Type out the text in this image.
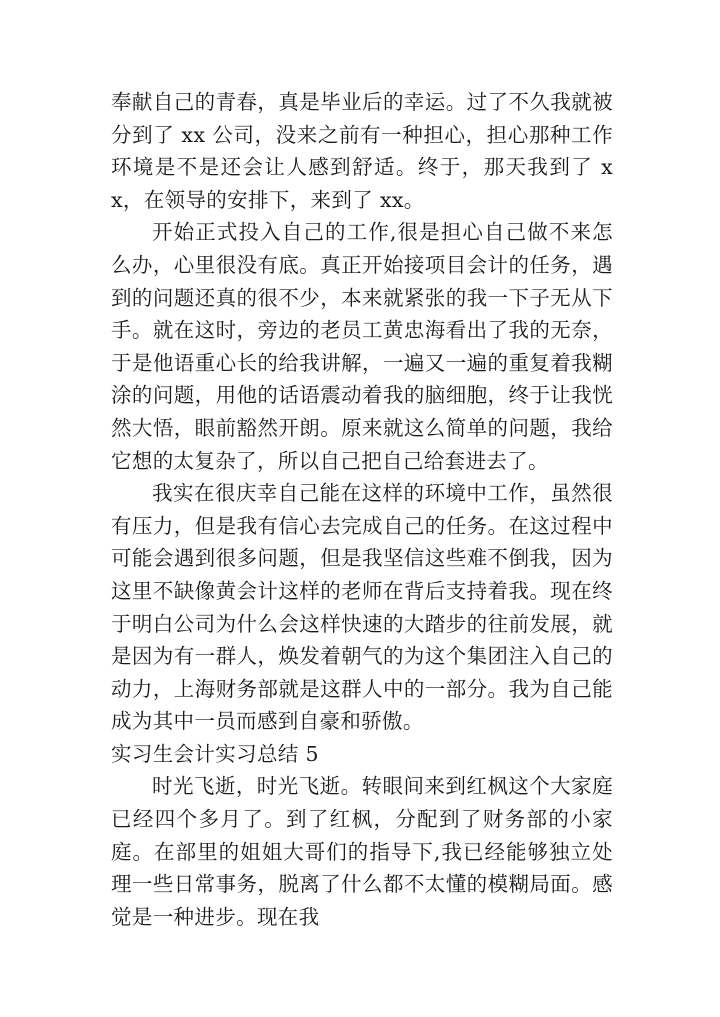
奉献自己的青春，真是毕业后的幸运。过了不久我就被分到了 xx 公司，没来之前有一种担心，担心那种工作环境是不是还会让人感到舒适。终于，那天我到了 xx，在领导的安排下，来到了 xx。

开始正式投入自己的工作,很是担心自己做不来怎么办，心里很没有底。真正开始接项目会计的任务，遇到的问题还真的很不少，本来就紧张的我一下子无从下手。就在这时，旁边的老员工黄忠海看出了我的无奈，于是他语重心长的给我讲解，一遍又一遍的重复着我糊涂的问题，用他的话语震动着我的脑细胞，终于让我恍然大悟，眼前豁然开朗。原来就这么简单的问题，我给它想的太复杂了，所以自己把自己给套进去了。

我实在很庆幸自己能在这样的环境中工作，虽然很有压力，但是我有信心去完成自己的任务。在这过程中可能会遇到很多问题，但是我坚信这些难不倒我，因为这里不缺像黄会计这样的老师在背后支持着我。现在终于明白公司为什么会这样快速的大踏步的往前发展，就是因为有一群人，焕发着朝气的为这个集团注入自己的动力，上海财务部就是这群人中的一部分。我为自己能成为其中一员而感到自豪和骄傲。

实习生会计实习总结 5

时光飞逝，时光飞逝。转眼间来到红枫这个大家庭已经四个多月了。到了红枫，分配到了财务部的小家庭。在部里的姐姐大哥们的指导下,我已经能够独立处理一些日常事务，脱离了什么都不太懂的模糊局面。感觉是一种进步。现在我
